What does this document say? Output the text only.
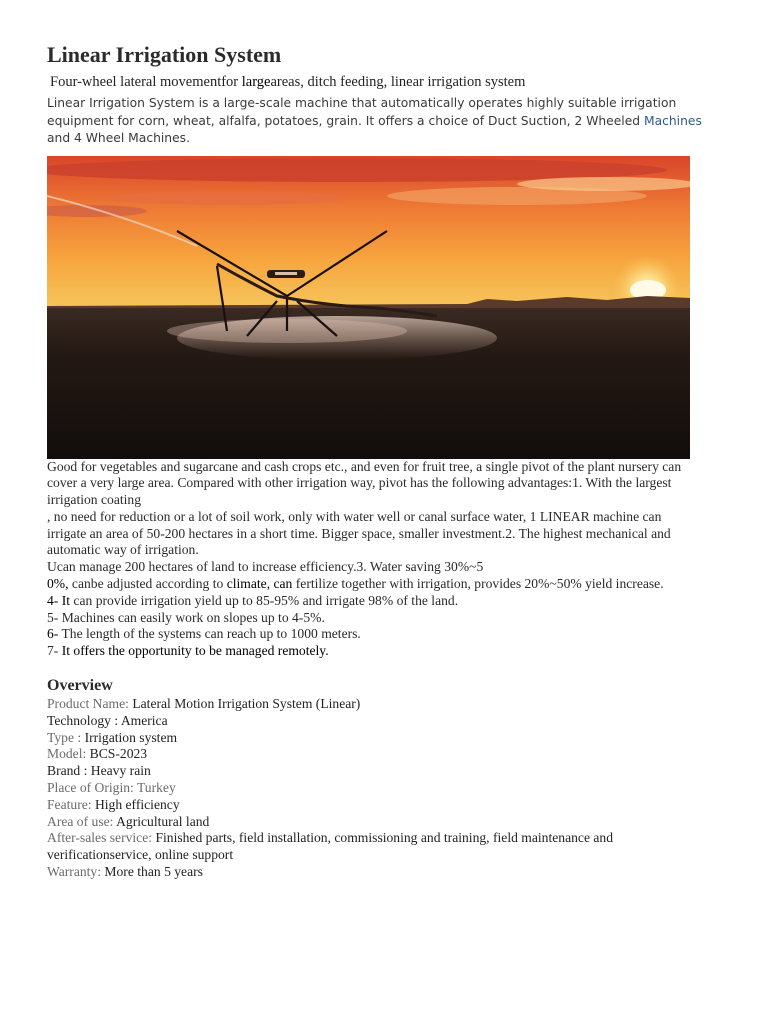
Linear Irrigation System
Four-wheel lateral movementfor largeareas, ditch feeding, linear irrigation system
Linear Irrigation System is a large-scale machine that automatically operates highly suitable irrigation equipment for corn, wheat, alfalfa, potatoes, grain. It offers a choice of Duct Suction, 2 Wheeled Machines and 4 Wheel Machines.

Good for vegetables and sugarcane and cash crops etc., and even for fruit tree, a single pivot of the plant nursery can cover a very large area. Compared with other irrigation way, pivot has the following advantages:1. With the largest irrigation coating

, no need for reduction or a lot of soil work, only with water well or canal surface water, 1 LINEAR machine can irrigate an area of 50-200 hectares in a short time. Bigger space, smaller investment.2. The highest mechanical and automatic way of irrigation.

Ucan manage 200 hectares of land to increase efficiency.3. Water saving 30%~5

0%, canbe adjusted according to climate, can fertilize together with irrigation, provides 20%~50% yield increase.

4- It can provide irrigation yield up to 85-95% and irrigate 98% of the land.

5- Machines can easily work on slopes up to 4-5%.

6- The length of the systems can reach up to 1000 meters.

7- It offers the opportunity to be managed remotely.

Overview
Product Name: Lateral Motion Irrigation System (Linear)
Technology : America
Type : Irrigation system
Model: BCS-2023
Brand : Heavy rain
Place of Origin: Turkey
Feature: High efficiency
Area of use: Agricultural land
After-sales service: Finished parts, field installation, commissioning and training, field maintenance and verificationservice, online support
Warranty: More than 5 years
